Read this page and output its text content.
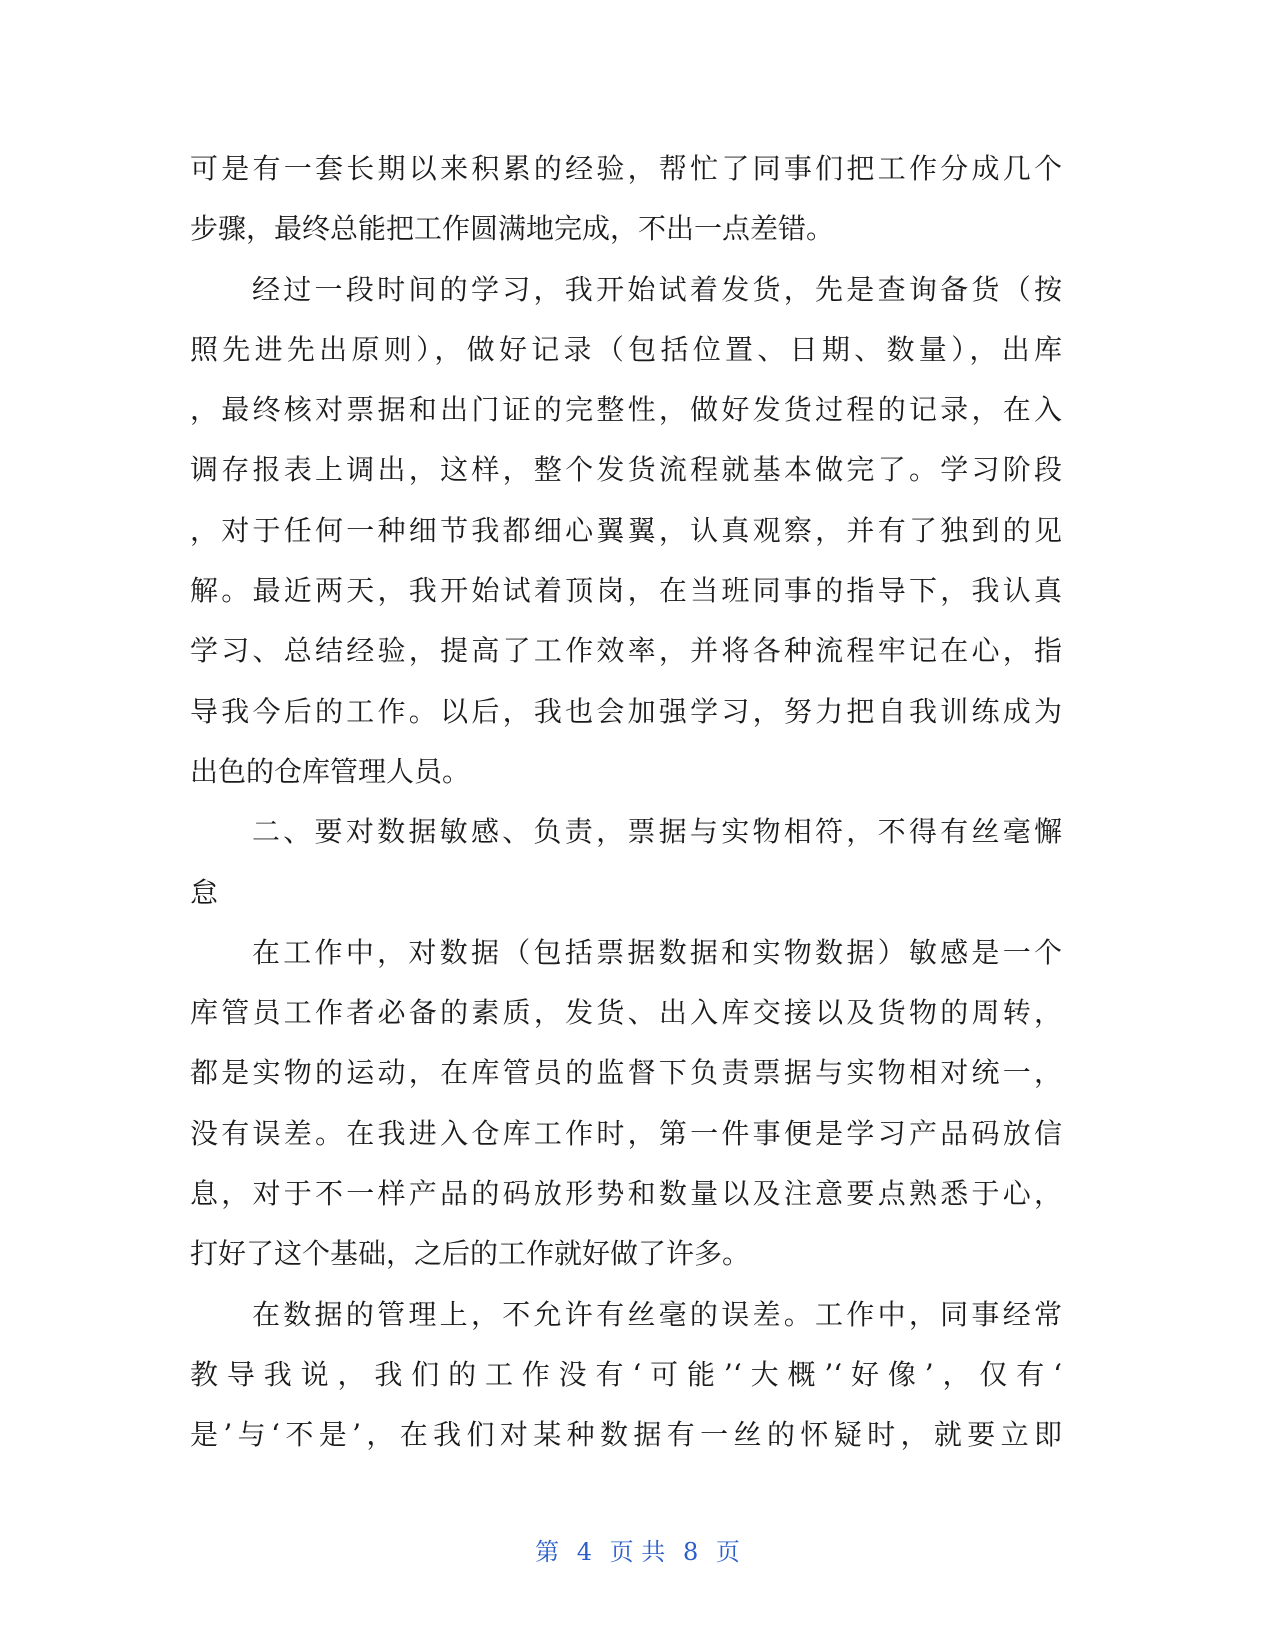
可是有一套长期以来积累的经验，帮忙了同事们把工作分成几个
步骤，最终总能把工作圆满地完成，不出一点差错。
经过一段时间的学习，我开始试着发货，先是查询备货（按
照先进先出原则），做好记录（包括位置、日期、数量），出库
，最终核对票据和出门证的完整性，做好发货过程的记录，在入
调存报表上调出，这样，整个发货流程就基本做完了。学习阶段
，对于任何一种细节我都细心翼翼，认真观察，并有了独到的见
解。最近两天，我开始试着顶岗，在当班同事的指导下，我认真
学习、总结经验，提高了工作效率，并将各种流程牢记在心，指
导我今后的工作。以后，我也会加强学习，努力把自我训练成为
出色的仓库管理人员。
二、要对数据敏感、负责，票据与实物相符，不得有丝毫懈
怠
在工作中，对数据（包括票据数据和实物数据）敏感是一个
库管员工作者必备的素质，发货、出入库交接以及货物的周转，
都是实物的运动，在库管员的监督下负责票据与实物相对统一，
没有误差。在我进入仓库工作时，第一件事便是学习产品码放信
息，对于不一样产品的码放形势和数量以及注意要点熟悉于心，
打好了这个基础，之后的工作就好做了许多。
在数据的管理上，不允许有丝毫的误差。工作中，同事经常
教导我说，我们的工作没有‘可能’‘大概’‘好像’，仅有‘
是’与‘不是’，在我们对某种数据有一丝的怀疑时，就要立即
第 4 页 共 8 页
